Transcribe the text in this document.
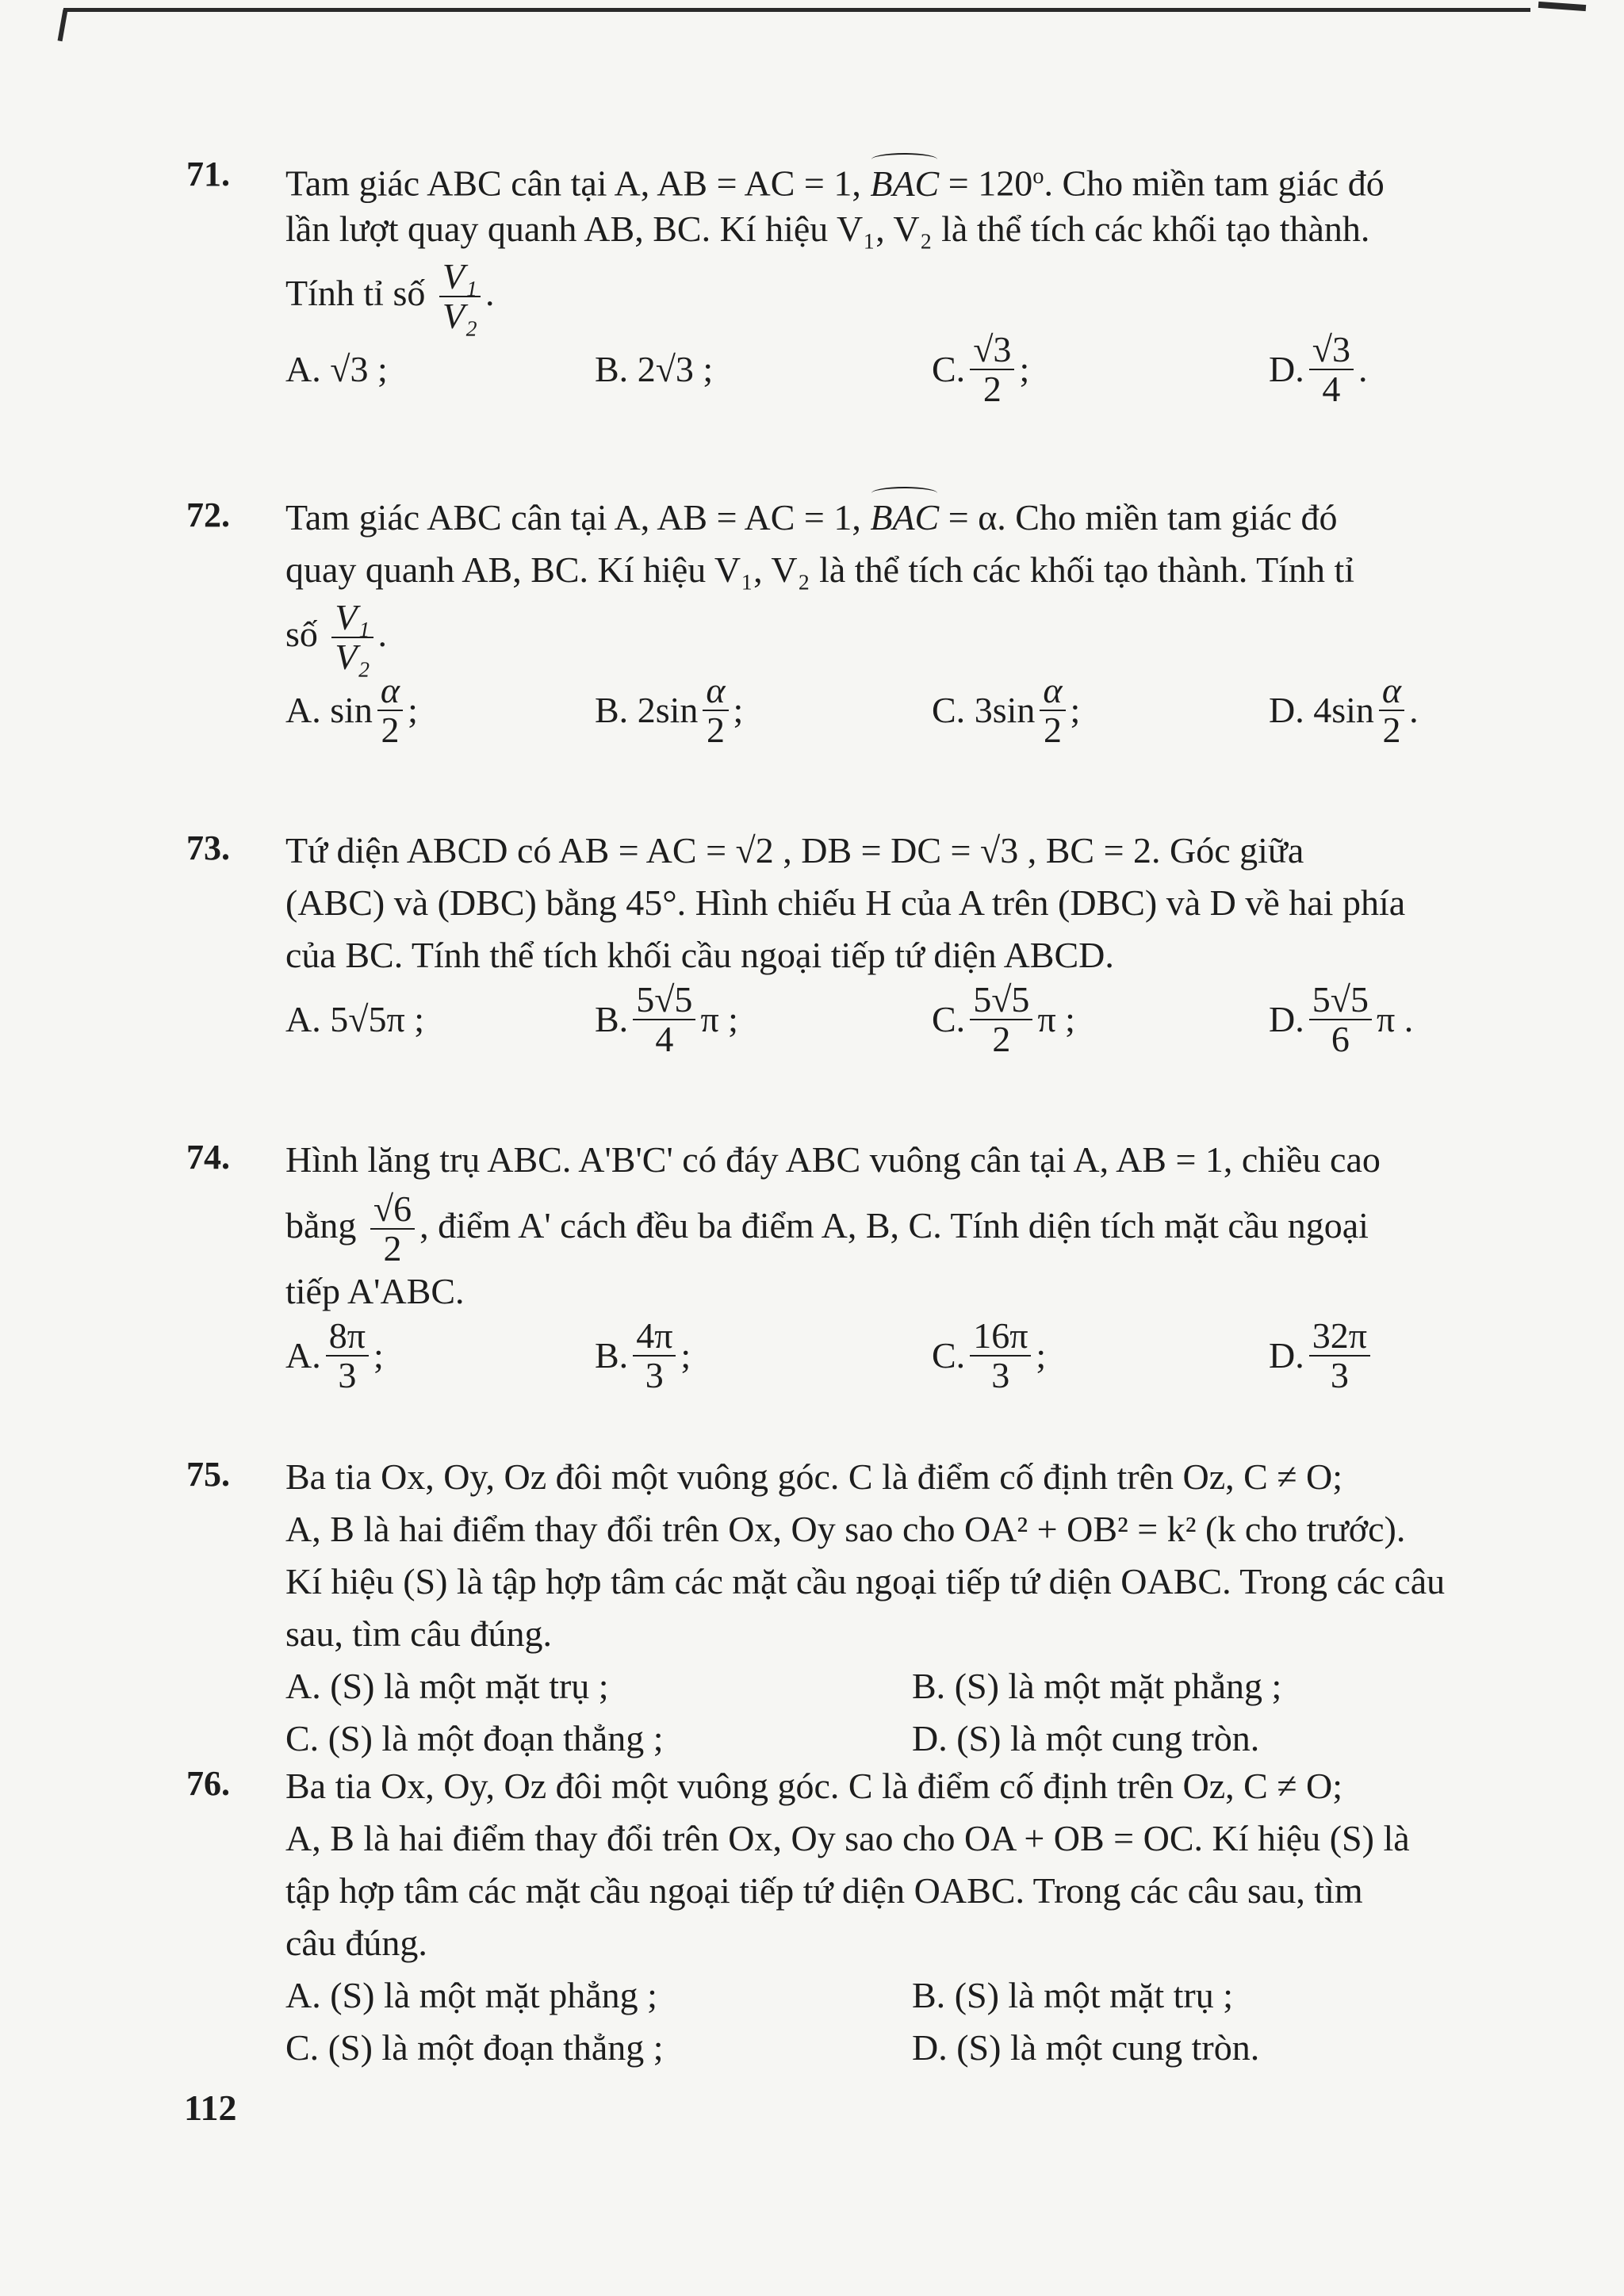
71. Tam giác ABC cân tại A, AB = AC = 1, BAC = $120^o$. Cho miền tam giác đó
lần lượt quay quanh AB, BC. Kí hiệu V₁, V₂ là thể tích các khối tạo thành.
Tính tỉ số $\frac{\text{V₁}}{\text{V₂}}$ .
A.
√3 ;	B.
2√3 ;	C. $\frac{√3}{2}$ ;	D. $\frac{√3}{4}$ .
72. Tam giác ABC cân tại A, AB = AC = 1, BAC = α. Cho miền tam giác đó
quay quanh AB, BC. Kí hiệu V₁, V₂ là thể tích các khối tạo thành. Tính tỉ
số $\frac{\text{V₁}}{\text{V₂}}$ .
A.
$\sin \frac{\alpha}{2}$ ;	B.
$2\sin \frac{\alpha}{2}$ ;	C.
$3\sin \frac{\alpha}{2}$ ;	D.
$4\sin \frac{\alpha}{2}$ .
73. Tứ diện ABCD có AB = AC = √2 , DB = DC = √3 , BC = 2. Góc giữa
(ABC) và (DBC) bằng 45°. Hình chiếu H của A trên (DBC) và D về hai phía
của BC. Tính thể tích khối cầu ngoại tiếp tứ diện ABCD.
A.
5√5π ;	B. $\frac{5√5}{4}$ π ;	C. $\frac{5√5}{2}$ π ;	D. $\frac{5√5}{6}$ π .
74. Hình lăng trụ ABC. A'B'C' có đáy ABC vuông cân tại A, AB = 1, chiều cao
bằng $\frac{√6}{2}$ , điểm A' cách đều ba điểm A, B, C. Tính diện tích mặt cầu ngoại
tiếp A'ABC.
A. $\frac{8\pi}{3}$ ;	B. $\frac{4\pi}{3}$ ;	C. $\frac{16\pi}{3}$ ;	D. $\frac{32\pi}{3}$
75. Ba tia Ox, Oy, Oz đôi một vuông góc. C là điểm cố định trên Oz, C ≠ O;
A, B là hai điểm thay đổi trên Ox, Oy sao cho OA² + OB² = k² (k cho trước).
Kí hiệu (S) là tập hợp tâm các mặt cầu ngoại tiếp tứ diện OABC. Trong các câu
sau, tìm câu đúng.
A.
(S) là một mặt trụ ;	B.
(S) là một mặt phẳng ;
C.
(S) là một đoạn thẳng ;	D.
(S) là một cung tròn.
76. Ba tia Ox, Oy, Oz đôi một vuông góc. C là điểm cố định trên Oz, C ≠ O;
A, B là hai điểm thay đổi trên Ox, Oy sao cho OA + OB = OC. Kí hiệu (S) là
tập hợp tâm các mặt cầu ngoại tiếp tứ diện OABC. Trong các câu sau, tìm
câu đúng.
A.
(S) là một mặt phẳng ;	B.
(S) là một mặt trụ ;
C.
(S) là một đoạn thẳng ;	D.
(S) là một cung tròn.
112
